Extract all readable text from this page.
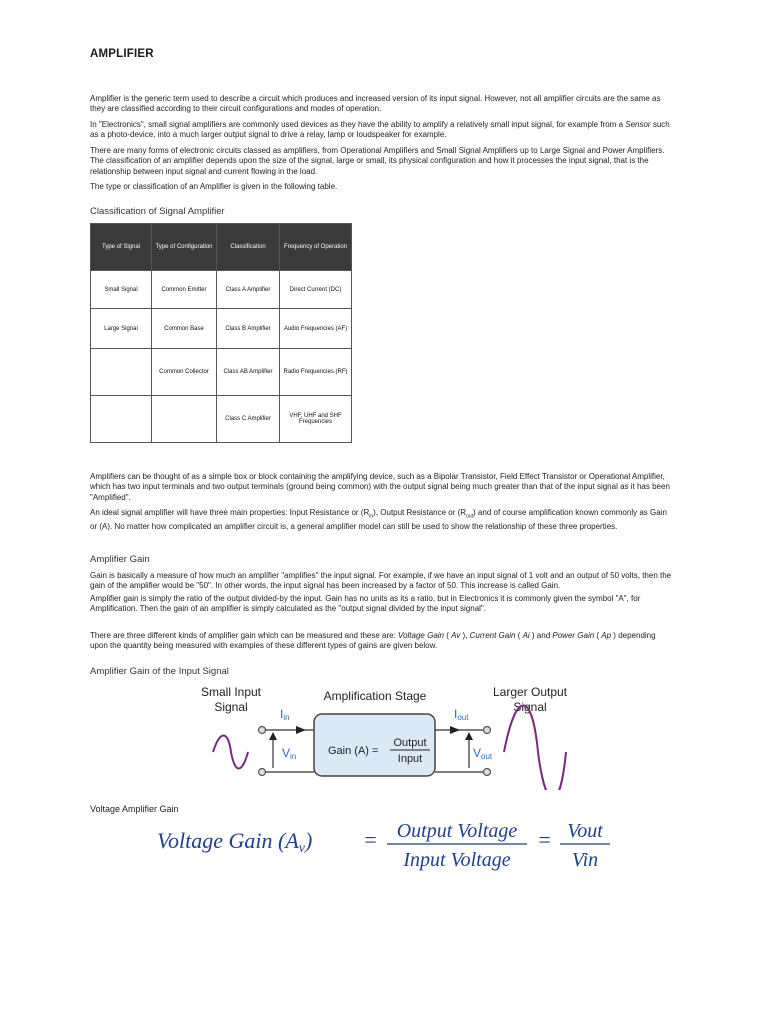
AMPLIFIER
Amplifier is the generic term used to describe a circuit which produces and increased version of its input signal. However, not all amplifier circuits are the same as they are classified according to their circuit configurations and modes of operation.
In "Electronics", small signal amplifiers are commonly used devices as they have the ability to amplify a relatively small input signal, for example from a Sensor such as a photo-device, into a much larger output signal to drive a relay, lamp or loudspeaker for example.
There are many forms of electronic circuits classed as amplifiers, from Operational Amplifiers and Small Signal Amplifiers up to Large Signal and Power Amplifiers. The classification of an amplifier depends upon the size of the signal, large or small, its physical configuration and how it processes the input signal, that is the relationship between input signal and current flowing in the load.
The type or classification of an Amplifier is given in the following table.
Classification of Signal Amplifier
Type of Signal	Type of Configuration	Classification	Frequency of Operation
Small Signal	Common Emitter	Class A Amplifier	Direct Current (DC)
Large Signal	Common Base	Class B Amplifier	Audio Frequencies (AF)
	Common Collector	Class AB Amplifier	Radio Frequencies (RF)
		Class C Amplifier	VHF, UHF and SHF Frequencies
Amplifiers can be thought of as a simple box or block containing the amplifying device, such as a Bipolar Transistor, Field Effect Transistor or Operational Amplifier, which has two input terminals and two output terminals (ground being common) with the output signal being much greater than that of the input signal as it has been "Amplified".
An ideal signal amplifier will have three main properties: Input Resistance or $(R_{in})$, Output Resistance or $(R_{out})$ and of course amplification known commonly as Gain or (A). No matter how complicated an amplifier circuit is, a general amplifier model can still be used to show the relationship of these three properties.
Amplifier Gain
Gain is basically a measure of how much an amplifier "amplifies" the input signal. For example, if we have an input signal of 1 volt and an output of 50 volts, then the gain of the amplifier would be "50". In other words, the input signal has been increased by a factor of 50. This increase is called Gain.
Amplifier gain is simply the ratio of the output divided-by the input. Gain has no units as its a ratio, but in Electronics it is commonly given the symbol "A", for Amplification. Then the gain of an amplifier is simply calculated as the "output signal divided by the input signal".
There are three different kinds of amplifier gain which can be measured and these are: Voltage Gain ( Av ), Current Gain ( Ai ) and Power Gain ( Ap ) depending upon the quantity being measured with examples of these different types of gains are given below.
Amplifier Gain of the Input Signal
Small Input
Signal
Amplification Stage	Larger Output
Signal
Gain (A) =
Output
Input
Iin
Vin
Iout
Vout
Voltage Amplifier Gain
Voltage Gain (Av) = Output Voltage
Input Voltage
= Vout
Vin
